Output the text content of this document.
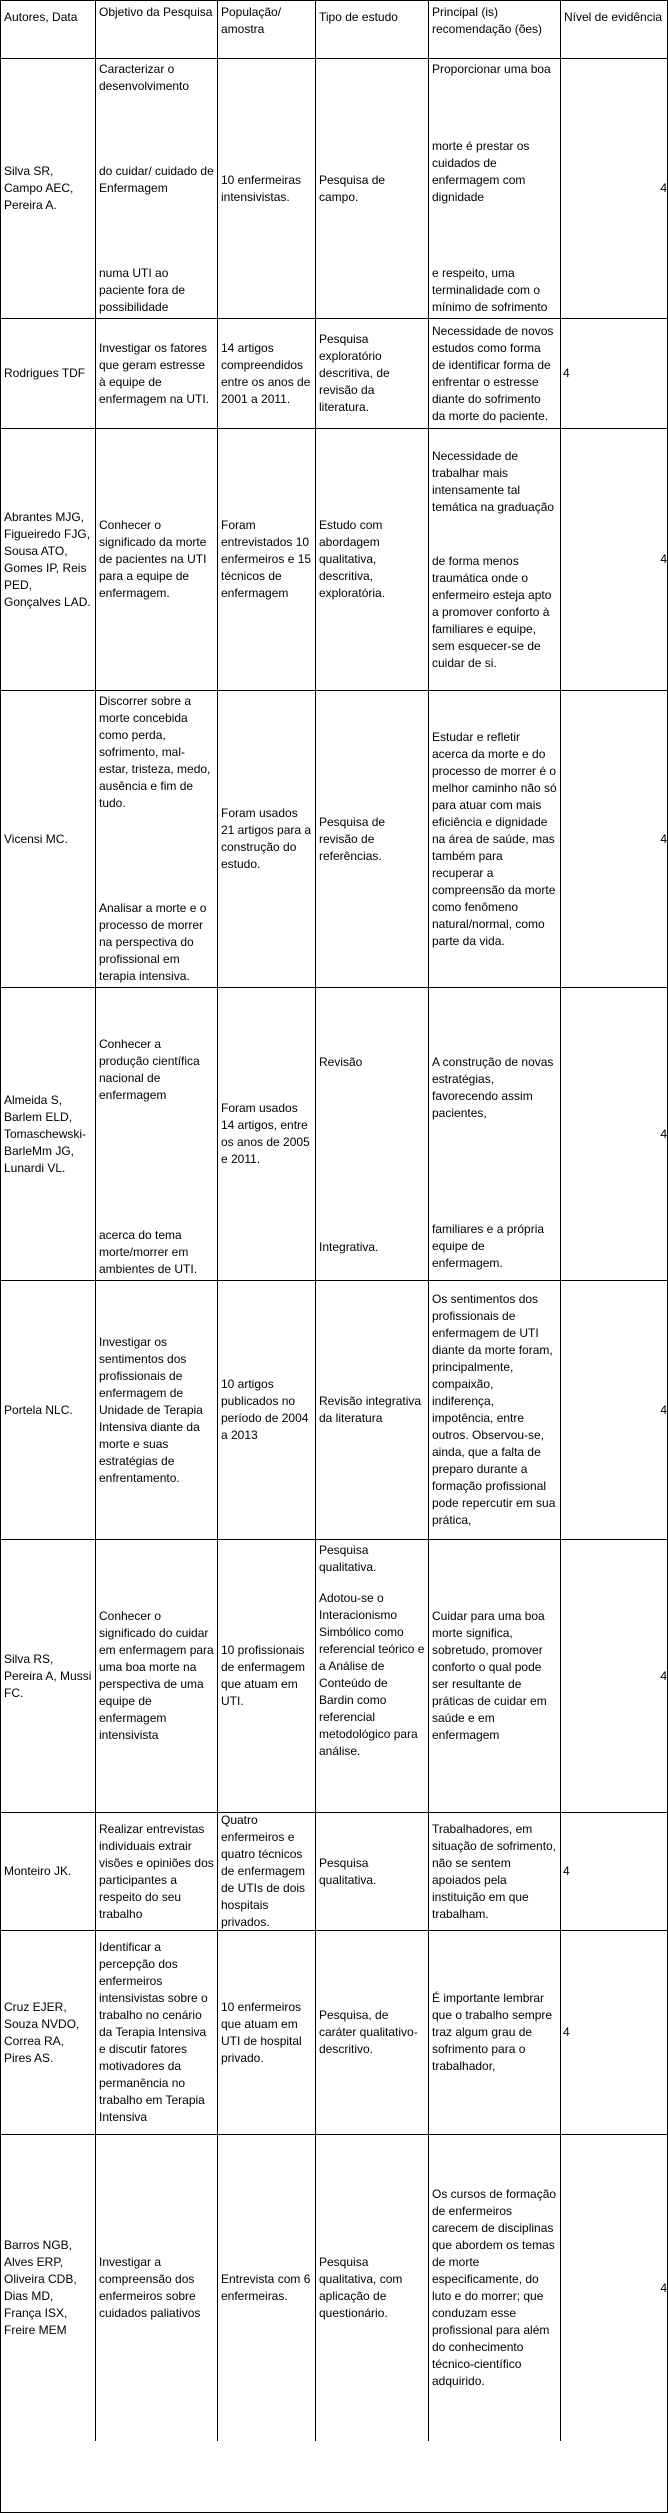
Autores, Data Objetivo da Pesquisa População/ amostra
Tipo de estudo	Principal (is) recomendação (ões)
Nível de evidência
Silva SR, Campo AEC, Pereira A.
Caracterizar o desenvolvimento
do cuidar/ cuidado de Enfermagem
numa UTI ao paciente fora de possibilidade
10 enfermeiras intensivistas.
Pesquisa de campo.
Proporcionar uma boa
morte é prestar os cuidados de enfermagem com dignidade
e respeito, uma terminalidade com o mínimo de sofrimento
4
Rodrigues TDF
Investigar os fatores que geram estresse à equipe de enfermagem na UTI.
14 artigos compreendidos entre os anos de 2001 a 2011.
Pesquisa exploratório descritiva, de revisão da literatura.
Necessidade de novos estudos como forma de identificar forma de enfrentar o estresse diante do sofrimento da morte do paciente.
4
Abrantes MJG, Figueiredo FJG, Sousa ATO, Gomes IP, Reis PED, Gonçalves LAD.
Conhecer o significado da morte de pacientes na UTI para a equipe de enfermagem.
Foram entrevistados 10 enfermeiros e 15 técnicos de enfermagem
Estudo com abordagem qualitativa, descritiva, exploratória.
Necessidade de trabalhar mais intensamente tal temática na graduação
de forma menos traumática onde o enfermeiro esteja apto a promover conforto à familiares e equipe, sem esquecer-se de cuidar de si.
4
Vicensi MC.
Discorrer sobre a morte concebida como perda, sofrimento, mal-estar, tristeza, medo, ausência e fim de tudo.
Analisar a morte e o processo de morrer na perspectiva do profissional em terapia intensiva.
Foram usados 21 artigos para a construção do estudo.
Pesquisa de revisão de referências.
Estudar e refletir acerca da morte e do processo de morrer é o melhor caminho não só para atuar com mais eficiência e dignidade na área de saúde, mas também para recuperar a compreensão da morte como fenômeno natural/normal, como parte da vida.
4
Almeida S, Barlem ELD, Tomaschewski-BarleMm JG, Lunardi VL.
Conhecer a produção científica nacional de enfermagem
acerca do tema morte/morrer em ambientes de UTI.
Foram usados 14 artigos, entre os anos de 2005 e 2011.
Revisão
Integrativa.
A construção de novas estratégias, favorecendo assim pacientes,
familiares e a própria equipe de enfermagem.
4
Portela NLC.
Investigar os sentimentos dos profissionais de enfermagem de Unidade de Terapia Intensiva diante da morte e suas estratégias de enfrentamento.
10 artigos publicados no período de 2004 a 2013
Revisão integrativa da literatura
Os sentimentos dos profissionais de enfermagem de UTI diante da morte foram, principalmente, compaixão, indiferença, impotência, entre outros. Observou-se, ainda, que a falta de preparo durante a formação profissional pode repercutir em sua prática,
4
Silva RS, Pereira A, Mussi FC.
Conhecer o significado do cuidar em enfermagem para uma boa morte na perspectiva de uma equipe de enfermagem intensivista
10 profissionais de enfermagem que atuam em UTI.
Pesquisa qualitativa.
Adotou-se o Interacionismo Simbólico como referencial teórico e a Análise de Conteúdo de Bardin como referencial metodológico para análise.
Cuidar para uma boa morte significa, sobretudo, promover conforto o qual pode ser resultante de práticas de cuidar em saúde e em enfermagem
4
Monteiro JK.
Realizar entrevistas individuais extrair visões e opiniões dos participantes a respeito do seu trabalho
Quatro enfermeiros e quatro técnicos de enfermagem de UTIs de dois hospitais privados.
Pesquisa qualitativa.
Trabalhadores, em situação de sofrimento, não se sentem apoiados pela instituição em que trabalham.
4
Cruz EJER, Souza NVDO, Correa RA, Pires AS.
Identificar a percepção dos enfermeiros intensivistas sobre o trabalho no cenário da Terapia Intensiva e discutir fatores motivadores da permanência no trabalho em Terapia Intensiva
10 enfermeiros que atuam em UTI de hospital privado.
Pesquisa, de caráter qualitativo-descritivo.
É importante lembrar que o trabalho sempre traz algum grau de sofrimento para o trabalhador,
4
Barros NGB, Alves ERP, Oliveira CDB, Dias MD, França ISX, Freire MEM
Investigar a compreensão dos enfermeiros sobre cuidados paliativos
Entrevista com 6 enfermeiras.
Pesquisa qualitativa, com aplicação de questionário.
Os cursos de formação de enfermeiros carecem de disciplinas que abordem os temas de morte especificamente, do luto e do morrer; que conduzam esse profissional para além do conhecimento técnico-científico adquirido.
4
